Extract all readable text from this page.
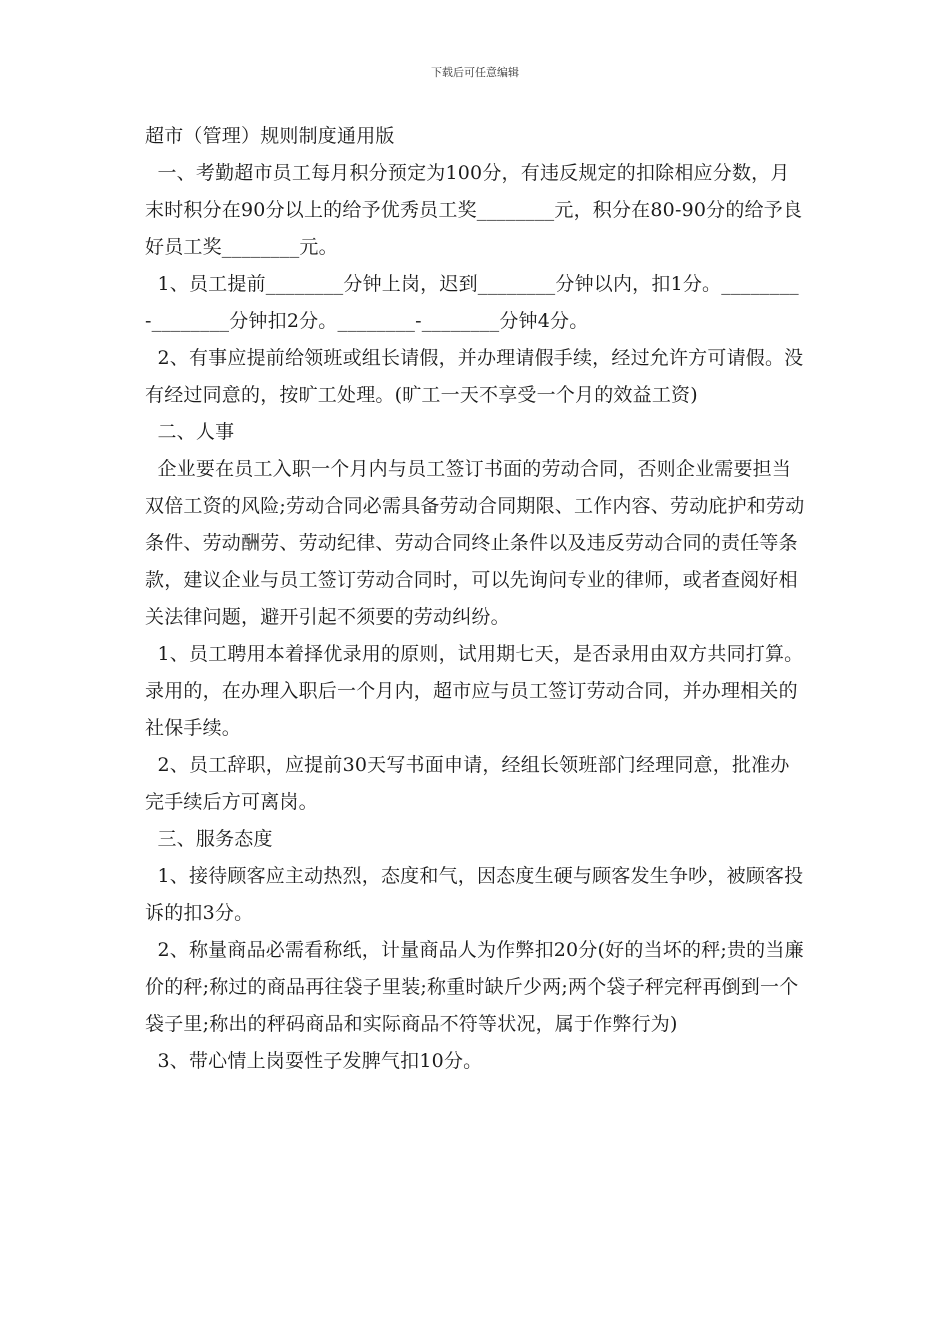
下载后可任意编辑

超市（管理）规则制度通用版

一、考勤超市员工每月积分预定为100分，有违反规定的扣除相应分数，月末时积分在90分以上的给予优秀员工奖________元，积分在80-90分的给予良好员工奖________元。

1、员工提前________分钟上岗，迟到________分钟以内，扣1分。________-________分钟扣2分。________-________分钟4分。

2、有事应提前给领班或组长请假，并办理请假手续，经过允许方可请假。没有经过同意的，按旷工处理。(旷工一天不享受一个月的效益工资)

二、人事

企业要在员工入职一个月内与员工签订书面的劳动合同，否则企业需要担当双倍工资的风险;劳动合同必需具备劳动合同期限、工作内容、劳动庇护和劳动条件、劳动酬劳、劳动纪律、劳动合同终止条件以及违反劳动合同的责任等条款，建议企业与员工签订劳动合同时，可以先询问专业的律师，或者查阅好相关法律问题，避开引起不须要的劳动纠纷。

1、员工聘用本着择优录用的原则，试用期七天，是否录用由双方共同打算。录用的，在办理入职后一个月内，超市应与员工签订劳动合同，并办理相关的社保手续。

2、员工辞职，应提前30天写书面申请，经组长领班部门经理同意，批准办完手续后方可离岗。

三、服务态度

1、接待顾客应主动热烈，态度和气，因态度生硬与顾客发生争吵，被顾客投诉的扣3分。

2、称量商品必需看称纸，计量商品人为作弊扣20分(好的当坏的秤;贵的当廉价的秤;称过的商品再往袋子里装;称重时缺斤少两;两个袋子秤完秤再倒到一个袋子里;称出的秤码商品和实际商品不符等状况，属于作弊行为)

3、带心情上岗耍性子发脾气扣10分。
